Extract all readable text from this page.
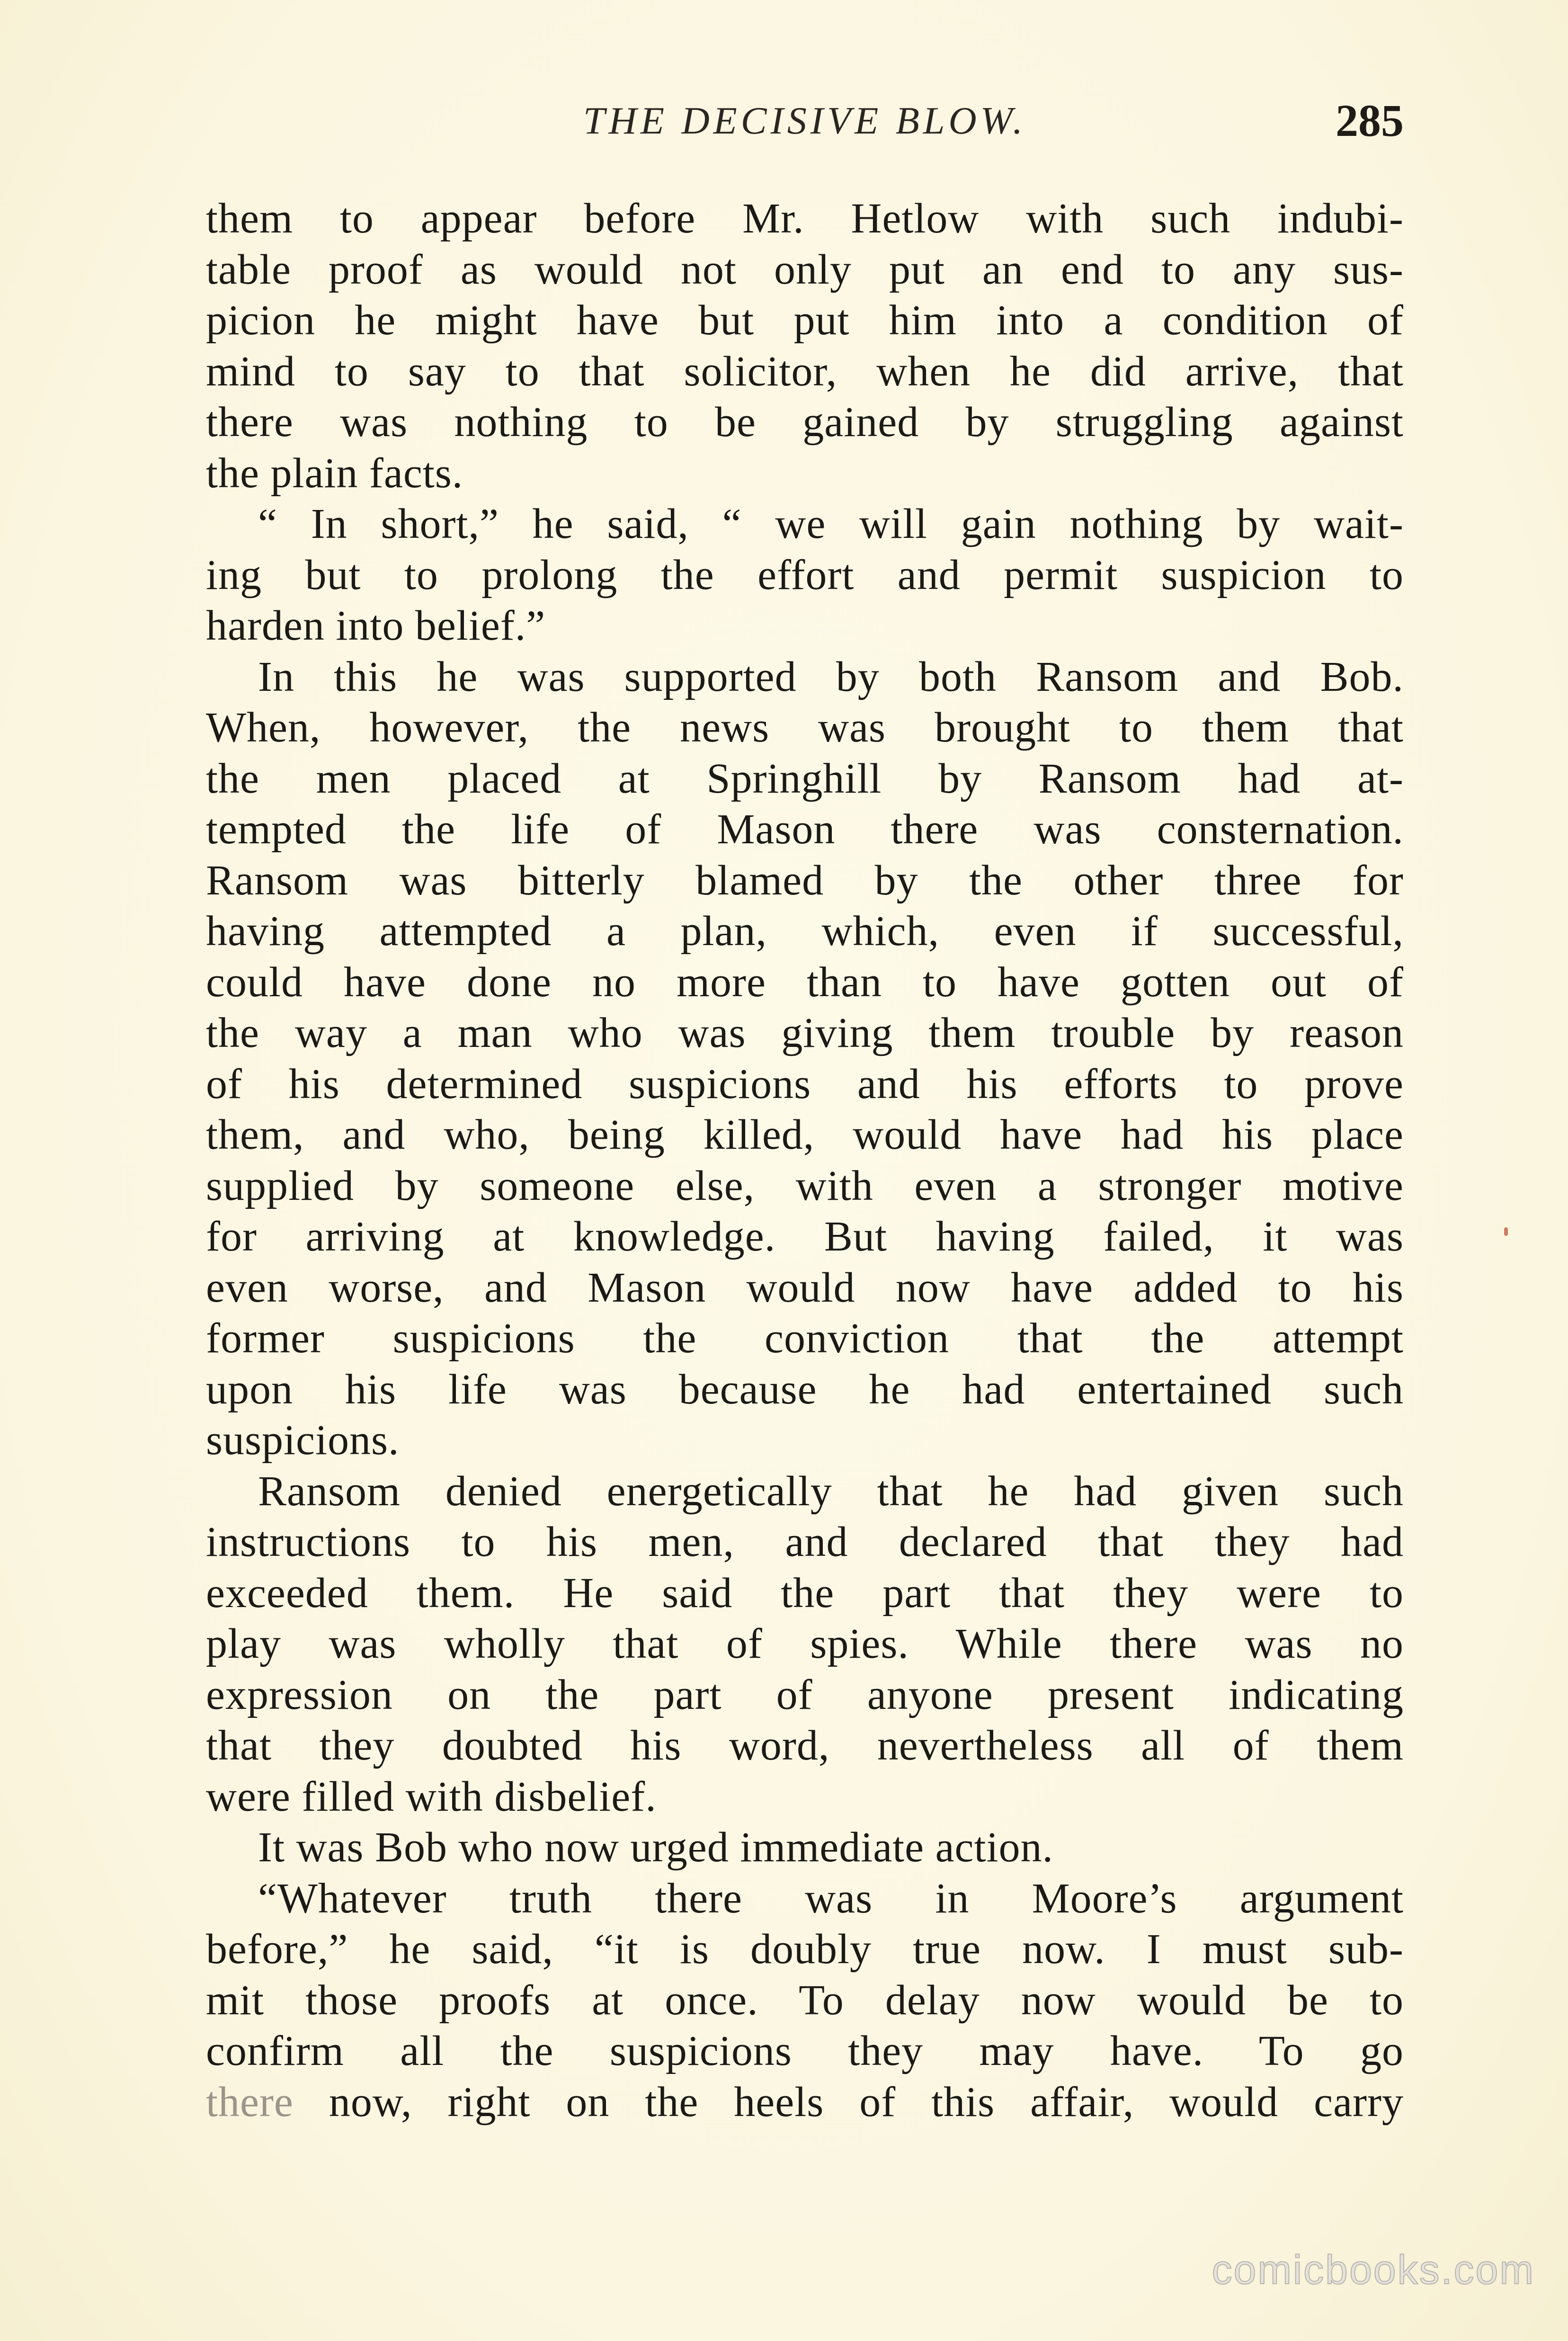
THE DECISIVE BLOW.	285
them to appear before Mr. Hetlow with such indubi-
table proof as would not only put an end to any sus-
picion he might have but put him into a condition of
mind to say to that solicitor, when he did arrive, that
there was nothing to be gained by struggling against
the plain facts.
“ In short,” he said, “ we will gain nothing by wait-
ing but to prolong the effort and permit suspicion to
harden into belief.”
In this he was supported by both Ransom and Bob.
When, however, the news was brought to them that
the men placed at Springhill by Ransom had at-
tempted the life of Mason there was consternation.
Ransom was bitterly blamed by the other three for
having attempted a plan, which, even if successful,
could have done no more than to have gotten out of
the way a man who was giving them trouble by reason
of his determined suspicions and his efforts to prove
them, and who, being killed, would have had his place
supplied by someone else, with even a stronger motive
for arriving at knowledge. But having failed, it was
even worse, and Mason would now have added to his
former suspicions the conviction that the attempt
upon his life was because he had entertained such
suspicions.
Ransom denied energetically that he had given such
instructions to his men, and declared that they had
exceeded them. He said the part that they were to
play was wholly that of spies. While there was no
expression on the part of anyone present indicating
that they doubted his word, nevertheless all of them
were filled with disbelief.
It was Bob who now urged immediate action.
“Whatever truth there was in Moore’s argument
before,” he said, “it is doubly true now. I must sub-
mit those proofs at once. To delay now would be to
confirm all the suspicions they may have. To go
there now, right on the heels of this affair, would carry
comicbooks.com
